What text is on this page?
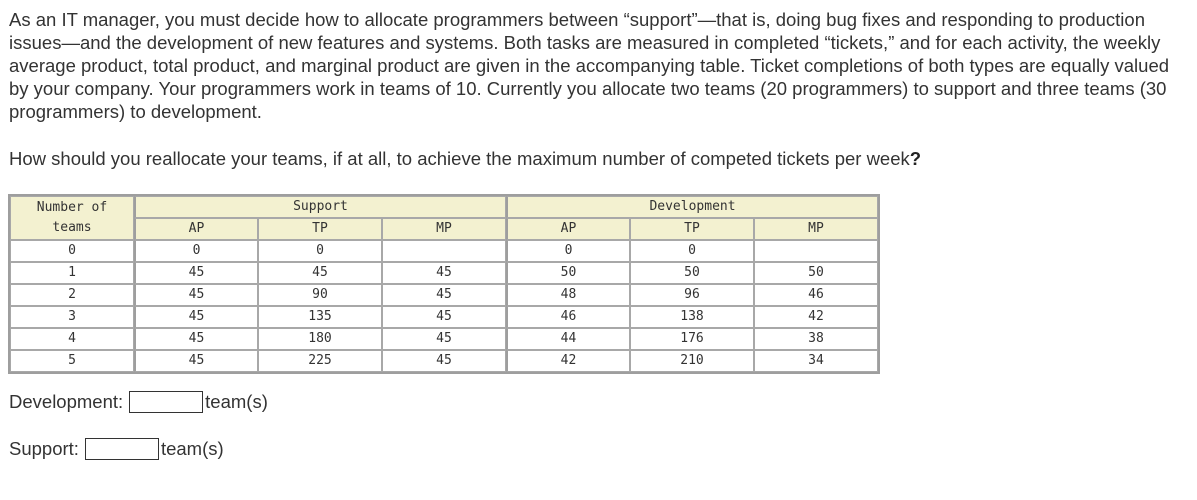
As an IT manager, you must decide how to allocate programmers between “support”—that is, doing bug fixes and responding to production issues—and the development of new features and systems. Both tasks are measured in completed “tickets,” and for each activity, the weekly average product, total product, and marginal product are given in the accompanying table. Ticket completions of both types are equally valued by your company. Your programmers work in teams of 10. Currently you allocate two teams (20 programmers) to support and three teams (30 programmers) to development.

How should you reallocate your teams, if at all, to achieve the maximum number of competed tickets per week?

Number of
teams	Support			Development		
	AP	TP	MP	AP	TP	MP
0	0	0		0	0	
1	45	45	45	50	50	50
2	45	90	45	48	96	46
3	45	135	45	46	138	42
4	45	180	45	44	176	38
5	45	225	45	42	210	34
Development:	team(s)
Support:	team(s)
